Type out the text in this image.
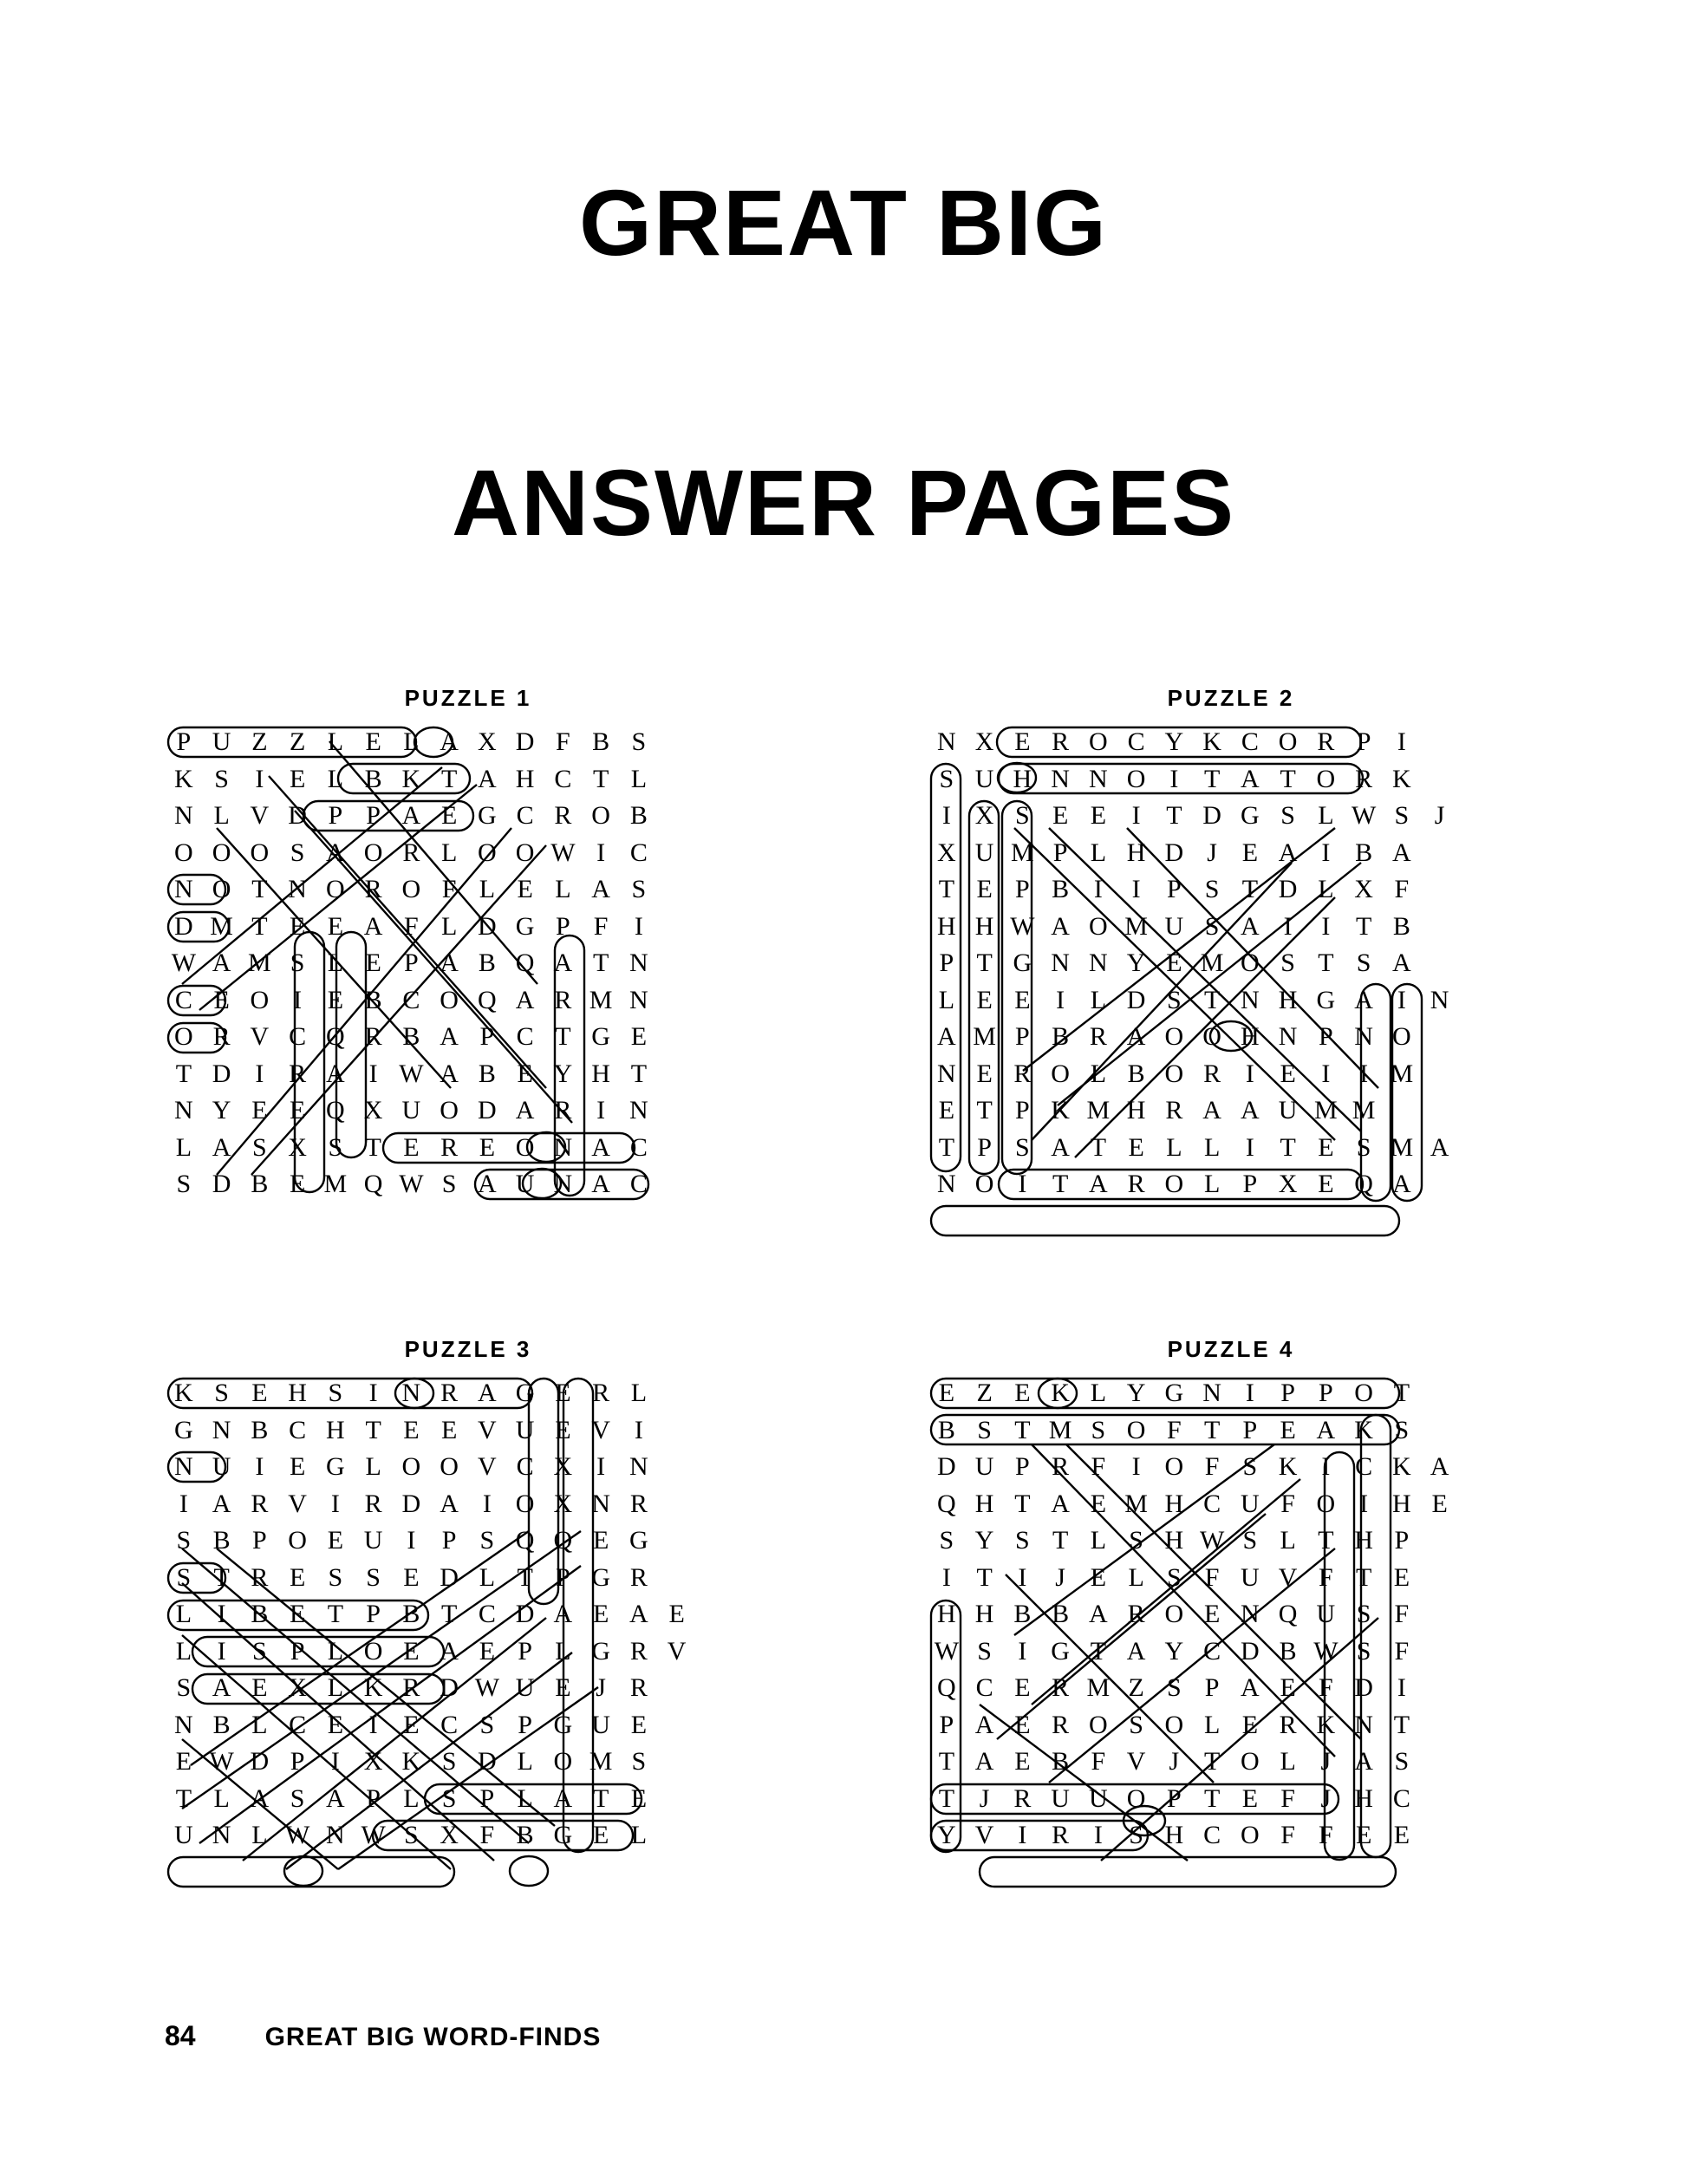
GREAT BIG
ANSWER PAGES
PUZZLE 1
P U Z Z L E L A X D F B S
K S	I E L B K T A H C T L
N L V D P P A E G C R O B
O O O S A O R L O O W I C
N O T N O R O F L E L A S
D M T E E A F L D G P F	I
W A M S L E P A B Q A T N
C E O I E B C O Q A R M N
O R V C Q R B A P C T G E
T D I R A I W A B E Y H T
N Y E E Q X U O D A R I N
L A S X S T E R E O N A C
S D B E M Q W S A U N A C
PUZZLE 2
N X E R O C Y K C O R P	I
S U H N N O I T A T O R K
I X S E E I T D G S L W S J
X U M P L H D J E A I B A
T E P B I	I	P S T D L X F
H H W A O M U S A I	I T B
P T G N N Y E M O S T S A
L E E I L D S T N H G A I N
A M P B R A O O H N P N O
N E R O L B O R I E I	I M
E T P K M H R A A U M M
T P S A T E L L I T E S M A
N O I T A R O L P X E Q A
PUZZLE 3
K S E H S	I N R A G E R L
G N B C H T E E V U E V I
N U I E G L O O V C X I N
I A R V I R D A I O X N R
S B P O E U I	P S Q Q E G
S T R E S S E D L T P G R
L I B E T P B T C D A E A E
L I	S P L O E A E P L G R V
S A E X L K R D W U E J R
N B L C E I E C S P G U E
E W D P	I X K S D L O M S
T L A S A P L S P L A T E
U N L W N W S X F B G E L
PUZZLE 4
E Z E K L Y G N I	P P O T
B S T M S O F T P E A K S
D U P R F	I O F S K I C K A
Q H T A E M H C U F O I H E
S Y S T L S H W S L T H P
I T I	J E L S F U V F T E
H H B B A R O E N Q U S F
W S	I G T A Y C D B W S F
Q C E R M Z S P A E F D I
P A E R O S O L E R K N T
T A E B F V J T O L J A S
T J R U U O P T E F J H C
Y V I R I	S H C O F F E E
84	GREAT BIG WORD-FINDS
